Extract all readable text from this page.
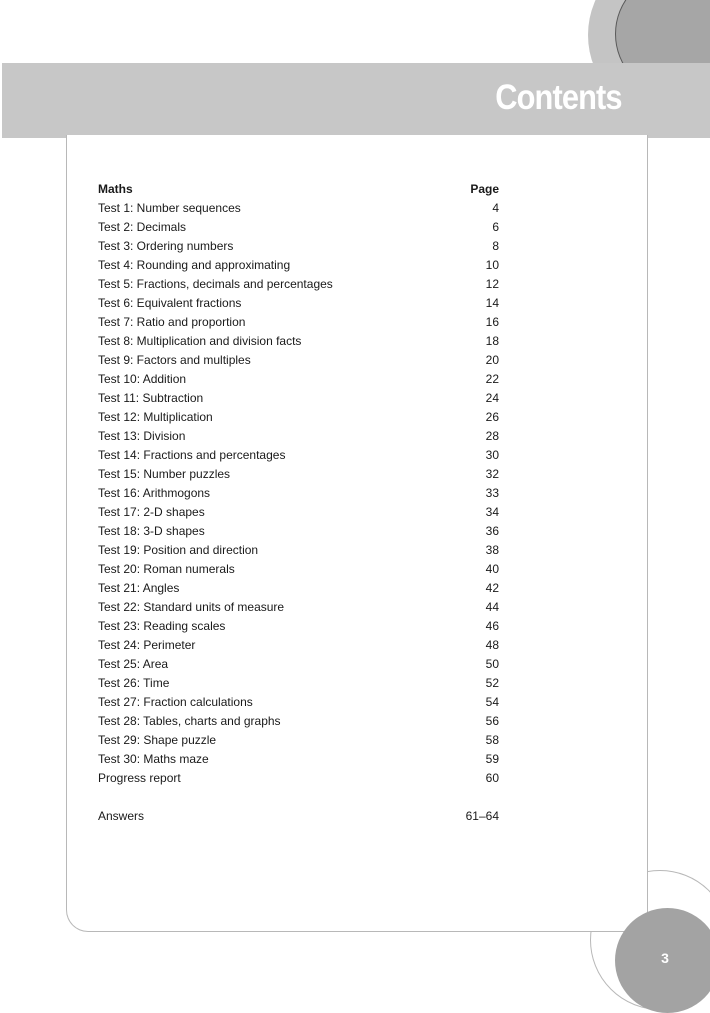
Contents
Maths	Page
Test 1: Number sequences	4
Test 2: Decimals	6
Test 3: Ordering numbers	8
Test 4: Rounding and approximating	10
Test 5: Fractions, decimals and percentages	12
Test 6: Equivalent fractions	14
Test 7: Ratio and proportion	16
Test 8: Multiplication and division facts	18
Test 9: Factors and multiples	20
Test 10: Addition	22
Test 11: Subtraction	24
Test 12: Multiplication	26
Test 13: Division	28
Test 14: Fractions and percentages	30
Test 15: Number puzzles	32
Test 16: Arithmogons	33
Test 17: 2-D shapes	34
Test 18: 3-D shapes	36
Test 19: Position and direction	38
Test 20: Roman numerals	40
Test 21: Angles	42
Test 22: Standard units of measure	44
Test 23: Reading scales	46
Test 24: Perimeter	48
Test 25: Area	50
Test 26: Time	52
Test 27: Fraction calculations	54
Test 28: Tables, charts and graphs	56
Test 29: Shape puzzle	58
Test 30: Maths maze	59
Progress report	60
Answers	61–64
3
